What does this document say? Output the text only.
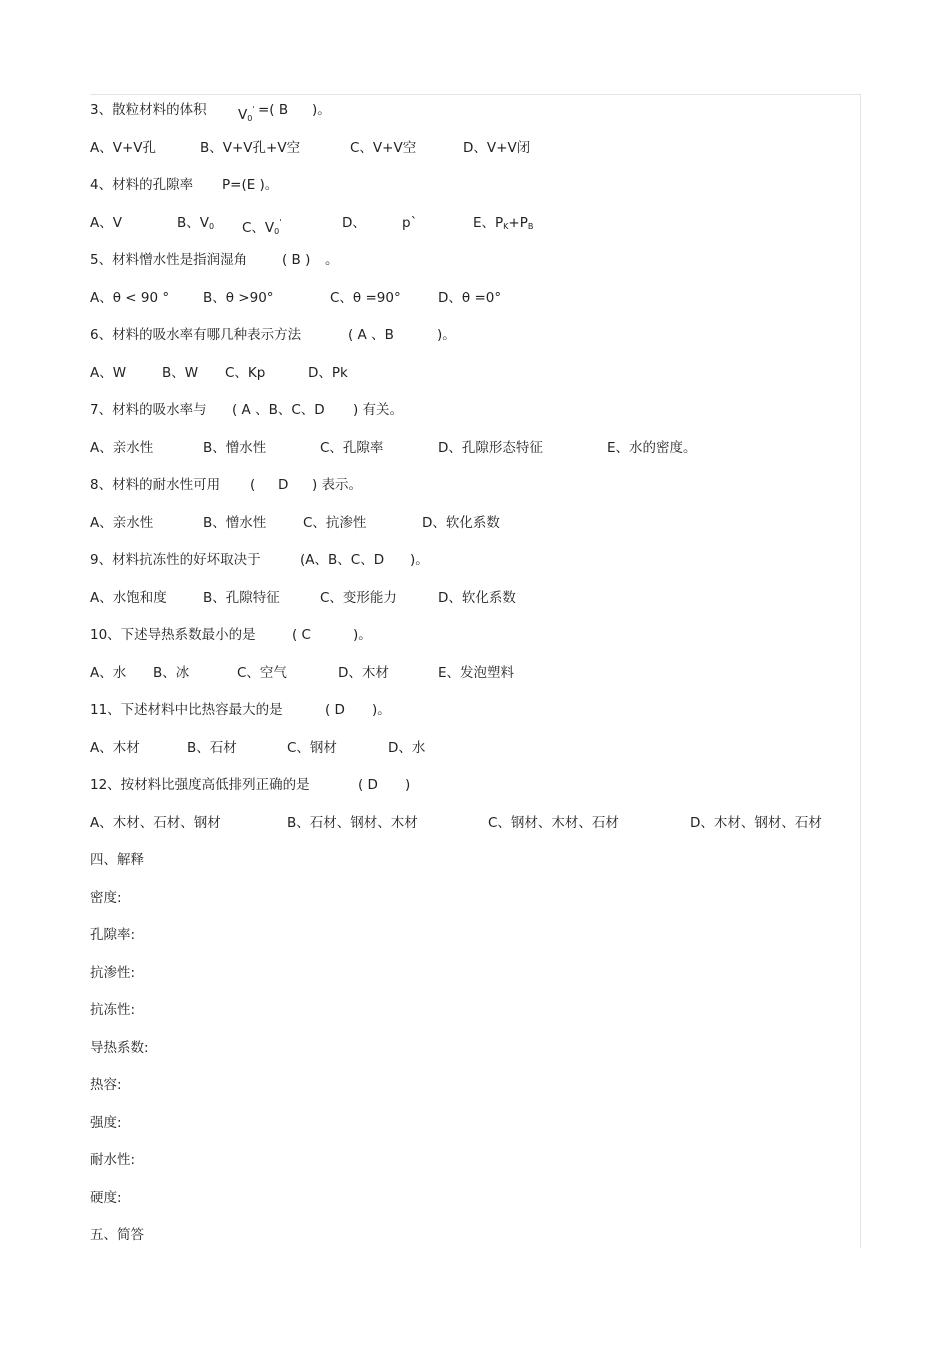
3、散粒材料的体积 $V_0'$ =( B )。
A、V+V孔	B、V+V孔+V空	C、V+V空	D、V+V闭
4、材料的孔隙率 P=(E )。
A、V	B、$V_0$ C、$V_0'$	D、	p`	E、$P_K+P_B$
5、材料憎水性是指润湿角	( B ) 。
A、θ < 90 °	B、θ >90°	C、θ =90°	D、θ =0°
6、材料的吸水率有哪几种表示方法	( A 、B	)。
A、W	B、W C、Kp	D、Pk
7、材料的吸水率与 ( A 、B、C、D ) 有关。
A、亲水性	B、憎水性	C、孔隙率	D、孔隙形态特征	E、水的密度。
8、材料的耐水性可用 ( D ) 表示。
A、亲水性	B、憎水性	C、抗渗性	D、软化系数
9、材料抗冻性的好坏取决于	(A、B、C、D )。
A、水饱和度	B、孔隙特征	C、变形能力	D、软化系数
10、下述导热系数最小的是	( C	)。
A、水 B、冰	C、空气	D、木材	E、发泡塑料
11、下述材料中比热容最大的是	( D )。
A、木材	B、石材	C、钢材	D、水
12、按材料比强度高低排列正确的是	( D )
A、木材、石材、钢材	B、石材、钢材、木材	C、钢材、木材、石材	D、木材、钢材、石材
四、解释
密度:
孔隙率:
抗渗性:
抗冻性:
导热系数:
热容:
强度:
耐水性:
硬度:
五、简答
